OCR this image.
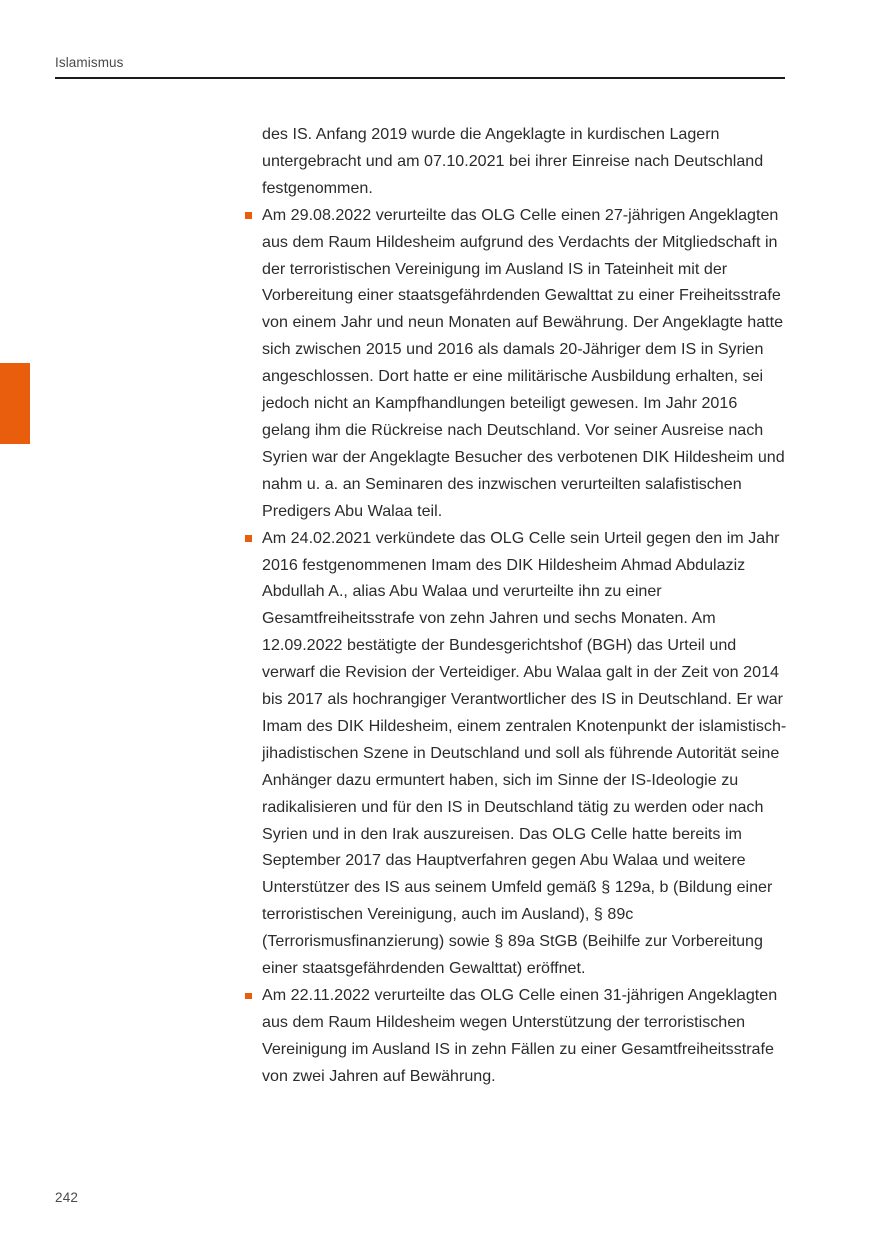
Islamismus

des IS. Anfang 2019 wurde die Angeklagte in kurdischen Lagern untergebracht und am 07.10.2021 bei ihrer Einreise nach Deutschland festgenommen.

Am 29.08.2022 verurteilte das OLG Celle einen 27-jährigen Angeklagten aus dem Raum Hildesheim aufgrund des Verdachts der Mitgliedschaft in der terroristischen Vereinigung im Ausland IS in Tateinheit mit der Vorbereitung einer staatsgefährdenden Gewalttat zu einer Freiheitsstrafe von einem Jahr und neun Monaten auf Bewährung. Der Angeklagte hatte sich zwischen 2015 und 2016 als damals 20-Jähriger dem IS in Syrien angeschlossen. Dort hatte er eine militärische Ausbildung erhalten, sei jedoch nicht an Kampfhandlungen beteiligt gewesen. Im Jahr 2016 gelang ihm die Rückreise nach Deutschland. Vor seiner Ausreise nach Syrien war der Angeklagte Besucher des verbotenen DIK Hildesheim und nahm u. a. an Seminaren des inzwischen verurteilten salafistischen Predigers Abu Walaa teil.

Am 24.02.2021 verkündete das OLG Celle sein Urteil gegen den im Jahr 2016 festgenommenen Imam des DIK Hildesheim Ahmad Abdulaziz Abdullah A., alias Abu Walaa und verurteilte ihn zu einer Gesamtfreiheitsstrafe von zehn Jahren und sechs Monaten. Am 12.09.2022 bestätigte der Bundesgerichtshof (BGH) das Urteil und verwarf die Revision der Verteidiger. Abu Walaa galt in der Zeit von 2014 bis 2017 als hochrangiger Verantwortlicher des IS in Deutschland. Er war Imam des DIK Hildesheim, einem zentralen Knotenpunkt der islamistisch-jihadistischen Szene in Deutschland und soll als führende Autorität seine Anhänger dazu ermuntert haben, sich im Sinne der IS-Ideologie zu radikalisieren und für den IS in Deutschland tätig zu werden oder nach Syrien und in den Irak auszureisen. Das OLG Celle hatte bereits im September 2017 das Hauptverfahren gegen Abu Walaa und weitere Unterstützer des IS aus seinem Umfeld gemäß § 129a, b (Bildung einer terroristischen Vereinigung, auch im Ausland), § 89c (Terrorismusfinanzierung) sowie § 89a StGB (Beihilfe zur Vorbereitung einer staatsgefährdenden Gewalttat) eröffnet.

Am 22.11.2022 verurteilte das OLG Celle einen 31-jährigen Angeklagten aus dem Raum Hildesheim wegen Unterstützung der terroristischen Vereinigung im Ausland IS in zehn Fällen zu einer Gesamtfreiheitsstrafe von zwei Jahren auf Bewährung.

242
